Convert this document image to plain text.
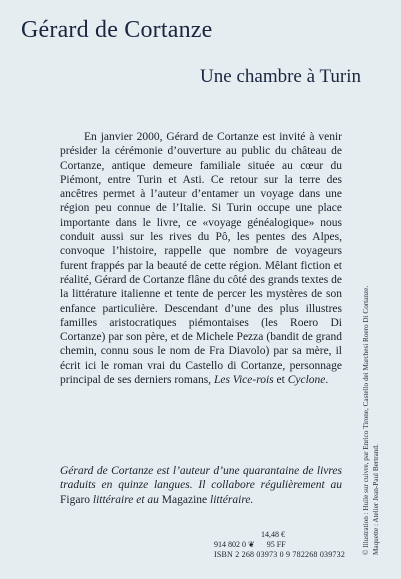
Gérard de Cortanze
Une chambre à Turin

En janvier 2000, Gérard de Cortanze est invité à venir présider la cérémonie d’ouverture au public du château de Cortanze, antique demeure familiale située au cœur du Piémont, entre Turin et Asti. Ce retour sur la terre des ancêtres permet à l’auteur d’entamer un voyage dans une région peu connue de l’Italie. Si Turin occupe une place importante dans le livre, ce «voyage généalogique» nous conduit aussi sur les rives du Pô, les pentes des Alpes, convoque l’histoire, rappelle que nombre de voyageurs furent frappés par la beauté de cette région. Mêlant fiction et réalité, Gérard de Cortanze flâne du côté des grands textes de la littérature italienne et tente de percer les mystères de son enfance particulière. Descendant d’une des plus illustres familles aristocratiques piémontaises (les Roero Di Cortanze) par son père, et de Michele Pezza (bandit de grand chemin, connu sous le nom de Fra Diavolo) par sa mère, il écrit ici le roman vrai du Castello di Cortanze, personnage principal de ses derniers romans, Les Vice-rois et Cyclone.

Gérard de Cortanze est l’auteur d’une quarantaine de livres traduits en quinze langues. Il collabore régulièrement au Figaro littéraire et au Magazine littéraire.	© Illustration : Huile sur cuivre, par Enrico Tirone, Castello dei Marchesi Roero Di Cortanze. Maquette : Atelier Jean-Paul Bertrand.
14,48 €
914 802 0 ❦ 95 FF
ISBN 2 268 03973 0 9 782268 039732
